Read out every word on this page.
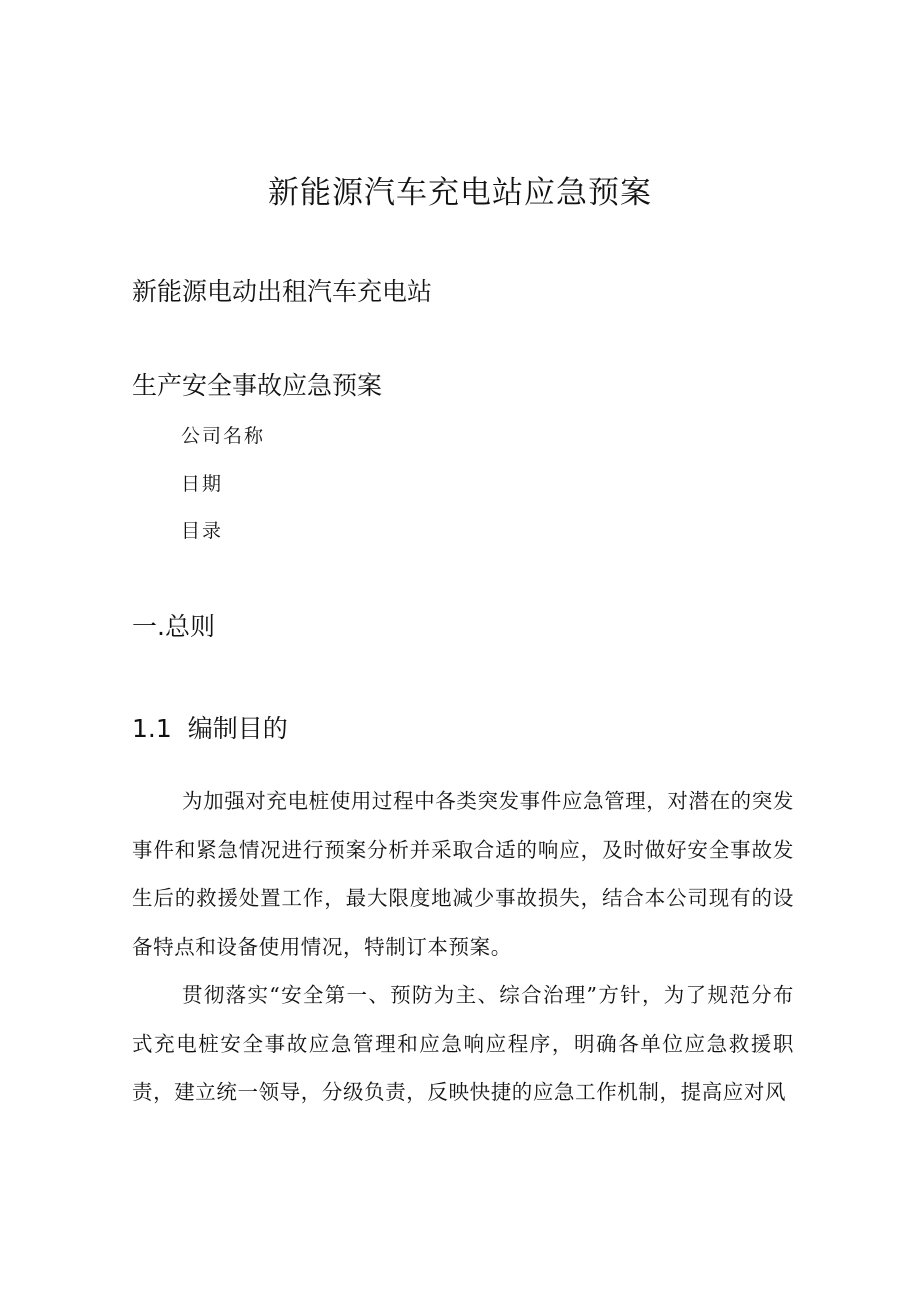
新能源汽车充电站应急预案
新能源电动出租汽车充电站
生产安全事故应急预案
公司名称
日期
目录
一.总则
1.1 编制目的

为加强对充电桩使用过程中各类突发事件应急管理，对潜在的突发事件和紧急情况进行预案分析并采取合适的响应，及时做好安全事故发生后的救援处置工作，最大限度地减少事故损失，结合本公司现有的设备特点和设备使用情况，特制订本预案。

贯彻落实“安全第一、预防为主、综合治理”方针，为了规范分布式充电桩安全事故应急管理和应急响应程序，明确各单位应急救援职责，建立统一领导，分级负责，反映快捷的应急工作机制，提高应对风
